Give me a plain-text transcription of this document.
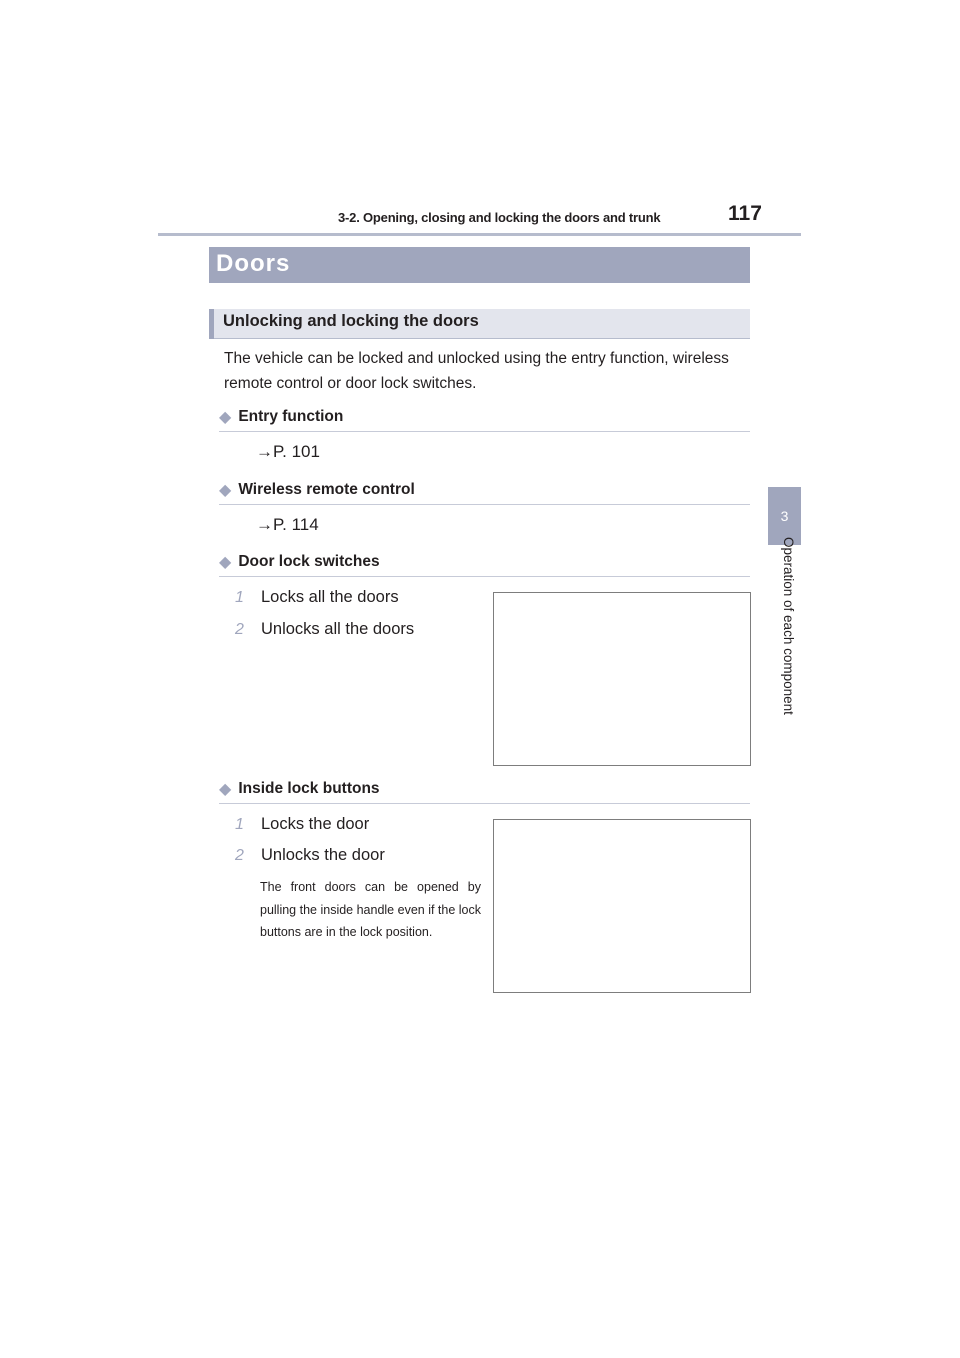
3-2. Opening, closing and locking the doors and trunk	117
3
Operation of each component
Doors
Unlocking and locking the doors
The vehicle can be locked and unlocked using the entry function, wireless remote control or door lock switches.
◆ Entry function
→P. 101
◆ Wireless remote control
→P. 114
◆ Door lock switches
1	Locks all the doors
2	Unlocks all the doors
◆ Inside lock buttons
1	Locks the door
2	Unlocks the door
The front doors can be opened by pulling the inside handle even if the lock buttons are in the lock position.
